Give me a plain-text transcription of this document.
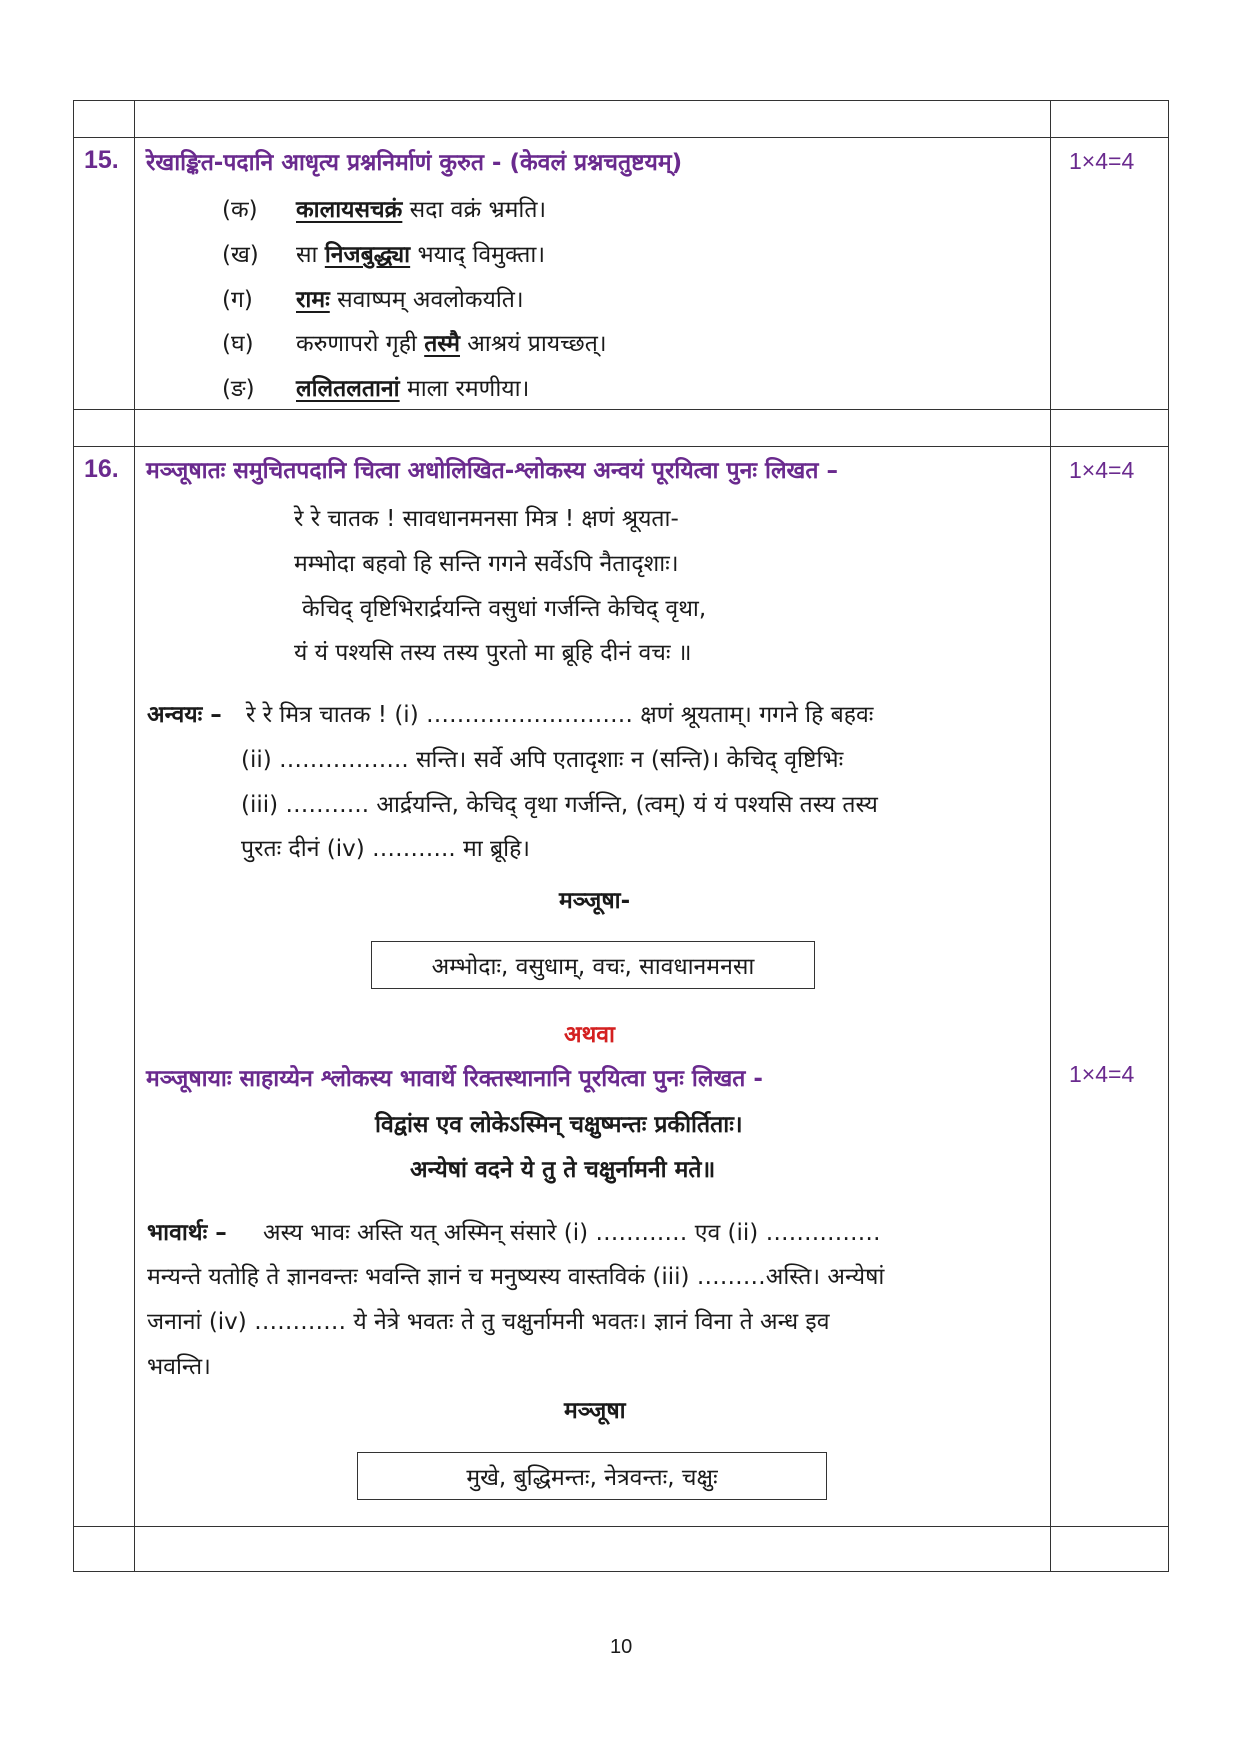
15. रेखाङ्कित-पदानि आधृत्य प्रश्ननिर्माणं कुरुत - (केवलं प्रश्नचतुष्टयम्)	1×4=4
(क) कालायसचक्रं सदा वक्रं भ्रमति।
(ख) सा निजबुद्ध्या भयाद् विमुक्ता।
(ग) रामः सवाष्पम् अवलोकयति।
(घ) करुणापरो गृही तस्मै आश्रयं प्रायच्छत्।
(ङ) ललितलतानां माला रमणीया।
16. मञ्जूषातः समुचितपदानि चित्वा अधोलिखित-श्लोकस्य अन्वयं पूरयित्वा पुनः लिखत –	1×4=4
रे रे चातक ! सावधानमनसा मित्र ! क्षणं श्रूयता-
मम्भोदा बहवो हि सन्ति गगने सर्वेऽपि नैतादृशाः।
केचिद् वृष्टिभिरार्द्रयन्ति वसुधां गर्जन्ति केचिद् वृथा,
यं यं पश्यसि तस्य तस्य पुरतो मा ब्रूहि दीनं वचः ॥
अन्वयः – रे रे मित्र चातक ! (i) ……………………… क्षणं श्रूयताम्। गगने हि बहवः
(ii) …………….. सन्ति। सर्वे अपि एतादृशाः न (सन्ति)। केचिद् वृष्टिभिः
(iii) ……….. आर्द्रयन्ति, केचिद् वृथा गर्जन्ति, (त्वम्) यं यं पश्यसि तस्य तस्य
पुरतः दीनं (iv) ……….. मा ब्रूहि।
मञ्जूषा-
अम्भोदाः, वसुधाम्, वचः, सावधानमनसा
अथवा
मञ्जूषायाः साहाय्येन श्लोकस्य भावार्थे रिक्तस्थानानि पूरयित्वा पुनः लिखत -	1×4=4
विद्वांस एव लोकेऽस्मिन् चक्षुष्मन्तः प्रकीर्तिताः।
अन्येषां वदने ये तु ते चक्षुर्नामनी मते॥
भावार्थः – अस्य भावः अस्ति यत् अस्मिन् संसारे (i) ………… एव (ii) ……………
मन्यन्ते यतोहि ते ज्ञानवन्तः भवन्ति ज्ञानं च मनुष्यस्य वास्तविकं (iii) ………अस्ति। अन्येषां
जनानां (iv) ………… ये नेत्रे भवतः ते तु चक्षुर्नामनी भवतः। ज्ञानं विना ते अन्ध इव
भवन्ति।
मञ्जूषा
मुखे, बुद्धिमन्तः, नेत्रवन्तः, चक्षुः
10
